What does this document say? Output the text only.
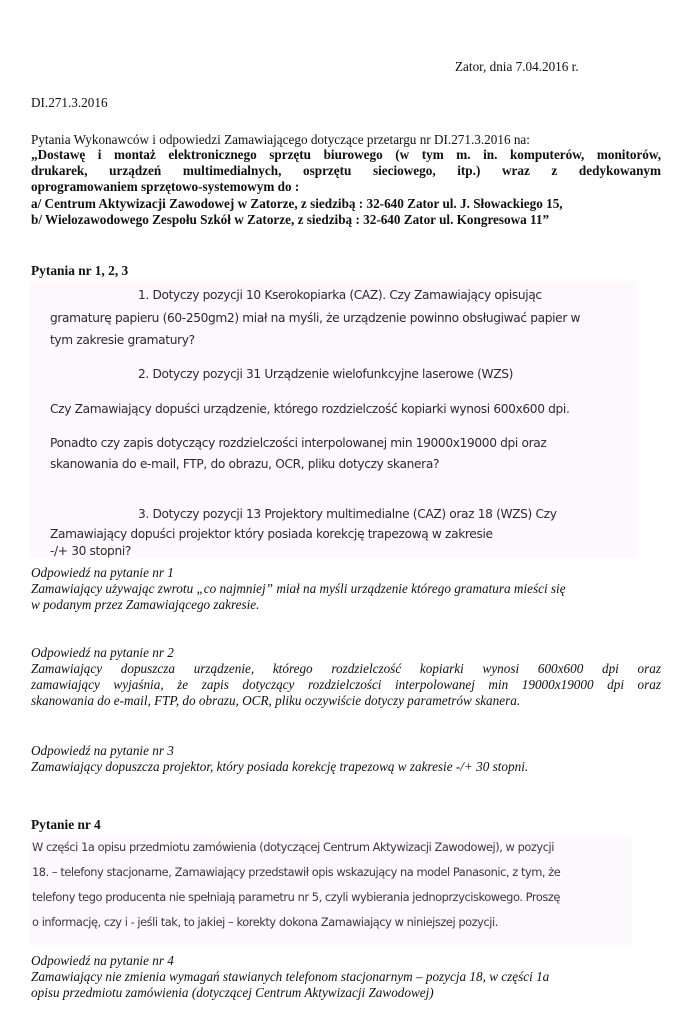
Zator, dnia 7.04.2016 r.
DI.271.3.2016
Pytania Wykonawców i odpowiedzi Zamawiającego dotyczące przetargu nr DI.271.3.2016 na:
„Dostawę i montaż elektronicznego sprzętu biurowego (w tym m. in. komputerów, monitorów,
drukarek, urządzeń multimedialnych, osprzętu sieciowego, itp.) wraz z dedykowanym
oprogramowaniem sprzętowo-systemowym do :
a/ Centrum Aktywizacji Zawodowej w Zatorze, z siedzibą : 32-640 Zator ul. J. Słowackiego 15,
b/ Wielozawodowego Zespołu Szkół w Zatorze, z siedzibą : 32-640 Zator ul. Kongresowa 11”
Pytania nr 1, 2, 3

1. Dotyczy pozycji 10 Kserokopiarka (CAZ). Czy Zamawiający opisując

gramaturę papieru (60-250gm2) miał na myśli, że urządzenie powinno obsługiwać papier w

tym zakresie gramatury?

2. Dotyczy pozycji 31 Urządzenie wielofunkcyjne laserowe (WZS)

Czy Zamawiający dopuści urządzenie, którego rozdzielczość kopiarki wynosi 600x600 dpi.

Ponadto czy zapis dotyczący rozdzielczości interpolowanej min 19000x19000 dpi oraz

skanowania do e-mail, FTP, do obrazu, OCR, pliku dotyczy skanera?

3. Dotyczy pozycji 13 Projektory multimedialne (CAZ) oraz 18 (WZS) Czy

Zamawiający dopuści projektor który posiada korekcję trapezową w zakresie

-/+ 30 stopni?

Odpowiedź na pytanie nr 1
Zamawiający używając zwrotu „co najmniej” miał na myśli urządzenie którego gramatura mieści się
w podanym przez Zamawiającego zakresie.
Odpowiedź na pytanie nr 2
Zamawiający dopuszcza urządzenie, którego rozdzielczość kopiarki wynosi 600x600 dpi oraz
zamawiający wyjaśnia, że zapis dotyczący rozdzielczości interpolowanej min 19000x19000 dpi oraz
skanowania do e-mail, FTP, do obrazu, OCR, pliku oczywiście dotyczy parametrów skanera.
Odpowiedź na pytanie nr 3
Zamawiający dopuszcza projektor, który posiada korekcję trapezową w zakresie -/+ 30 stopni.
Pytanie nr 4

W części 1a opisu przedmiotu zamówienia (dotyczącej Centrum Aktywizacji Zawodowej), w pozycji

18. – telefony stacjonarne, Zamawiający przedstawił opis wskazujący na model Panasonic, z tym, że

telefony tego producenta nie spełniają parametru nr 5, czyli wybierania jednoprzyciskowego. Proszę

o informację, czy i - jeśli tak, to jakiej – korekty dokona Zamawiający w niniejszej pozycji.

Odpowiedź na pytanie nr 4
Zamawiający nie zmienia wymagań stawianych telefonom stacjonarnym – pozycja 18, w części 1a
opisu przedmiotu zamówienia (dotyczącej Centrum Aktywizacji Zawodowej)
